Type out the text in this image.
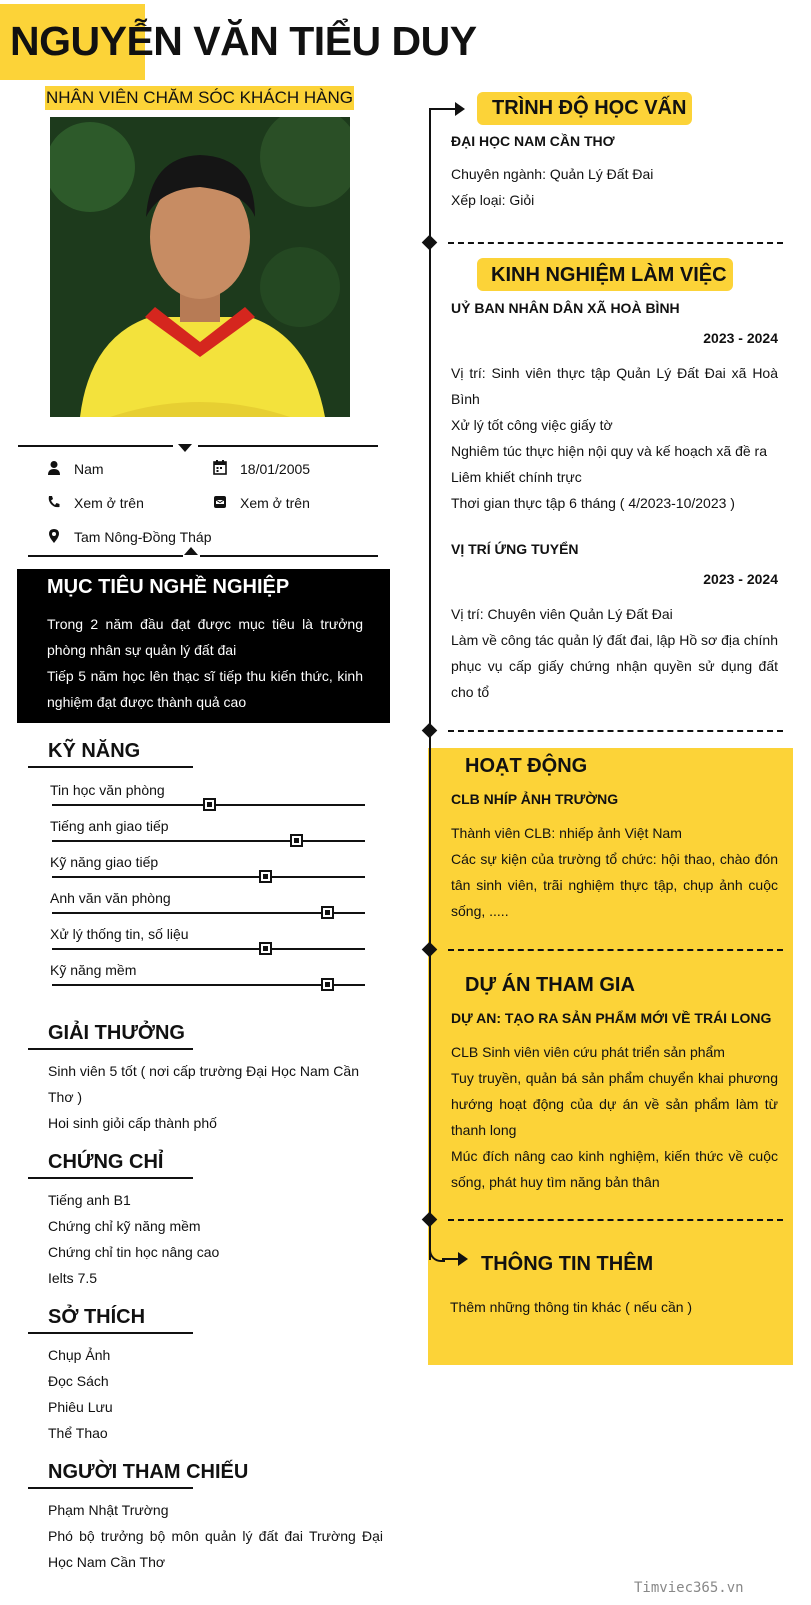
NGUYỄN VĂN TIỂU DUY
NHÂN VIÊN CHĂM SÓC KHÁCH HÀNG
Nam	18/01/2005
Xem ở trên	Xem ở trên
Tam Nông-Đồng Tháp
MỤC TIÊU NGHỀ NGHIỆP
Trong 2 năm đầu đạt được mục tiêu là trưởng phòng nhân sự quản lý đất đai
Tiếp 5 năm học lên thạc sĩ tiếp thu kiến thức, kinh nghiệm đạt được thành quả cao
KỸ NĂNG
Tin học văn phòng
Tiếng anh giao tiếp
Kỹ năng giao tiếp
Anh văn văn phòng
Xử lý thống tin, số liệu
Kỹ năng mềm
GIẢI THƯỞNG
Sinh viên 5 tốt ( nơi cấp trường Đại Học Nam Cần Thơ )
Hoi sinh giỏi cấp thành phố
CHỨNG CHỈ
Tiếng anh B1
Chứng chỉ kỹ năng mềm
Chứng chỉ tin học nâng cao
Ielts 7.5
SỞ THÍCH
Chụp Ảnh
Đọc Sách
Phiêu Lưu
Thể Thao
NGƯỜI THAM CHIẾU
Phạm Nhật Trường
Phó bộ trưởng bộ môn quản lý đất đai Trường Đại Học Nam Cần Thơ
TRÌNH ĐỘ HỌC VẤN
ĐẠI HỌC NAM CẦN THƠ
Chuyên ngành: Quản Lý Đất Đai
Xếp loại: Giỏi
KINH NGHIỆM LÀM VIỆC
UỶ BAN NHÂN DÂN XÃ HOÀ BÌNH
2023 - 2024
Vị trí: Sinh viên thực tập Quản Lý Đất Đai xã Hoà Bình
Xử lý tốt công việc giấy tờ
Nghiêm túc thực hiện nội quy và kế hoạch xã đề ra
Liêm khiết chính trực
Thơi gian thực tập 6 tháng ( 4/2023-10/2023 )
VỊ TRÍ ỨNG TUYỂN
2023 - 2024
Vị trí: Chuyên viên Quản Lý Đất Đai
Làm về công tác quản lý đất đai, lập Hồ sơ địa chính phục vụ cấp giấy chứng nhận quyền sử dụng đất cho tổ
HOẠT ĐỘNG
CLB NHÍP ẢNH TRƯỜNG
Thành viên CLB: nhiếp ảnh Việt Nam
Các sự kiện của trường tổ chức: hội thao, chào đón tân sinh viên, trãi nghiệm thực tập, chụp ảnh cuộc sống, .....
DỰ ÁN THAM GIA
DỰ AN: TẠO RA SẢN PHẨM MỚI VỀ TRÁI LONG
CLB Sinh viên viên cứu phát triển sản phẩm
Tuy truyền, quản bá sản phẩm chuyển khai phương hướng hoạt động của dự án về sản phẩm làm từ thanh long
Múc đích nâng cao kinh nghiệm, kiến thức về cuộc sống, phát huy tìm năng bản thân
THÔNG TIN THÊM
Thêm những thông tin khác ( nếu cần )
Timviec365.vn
